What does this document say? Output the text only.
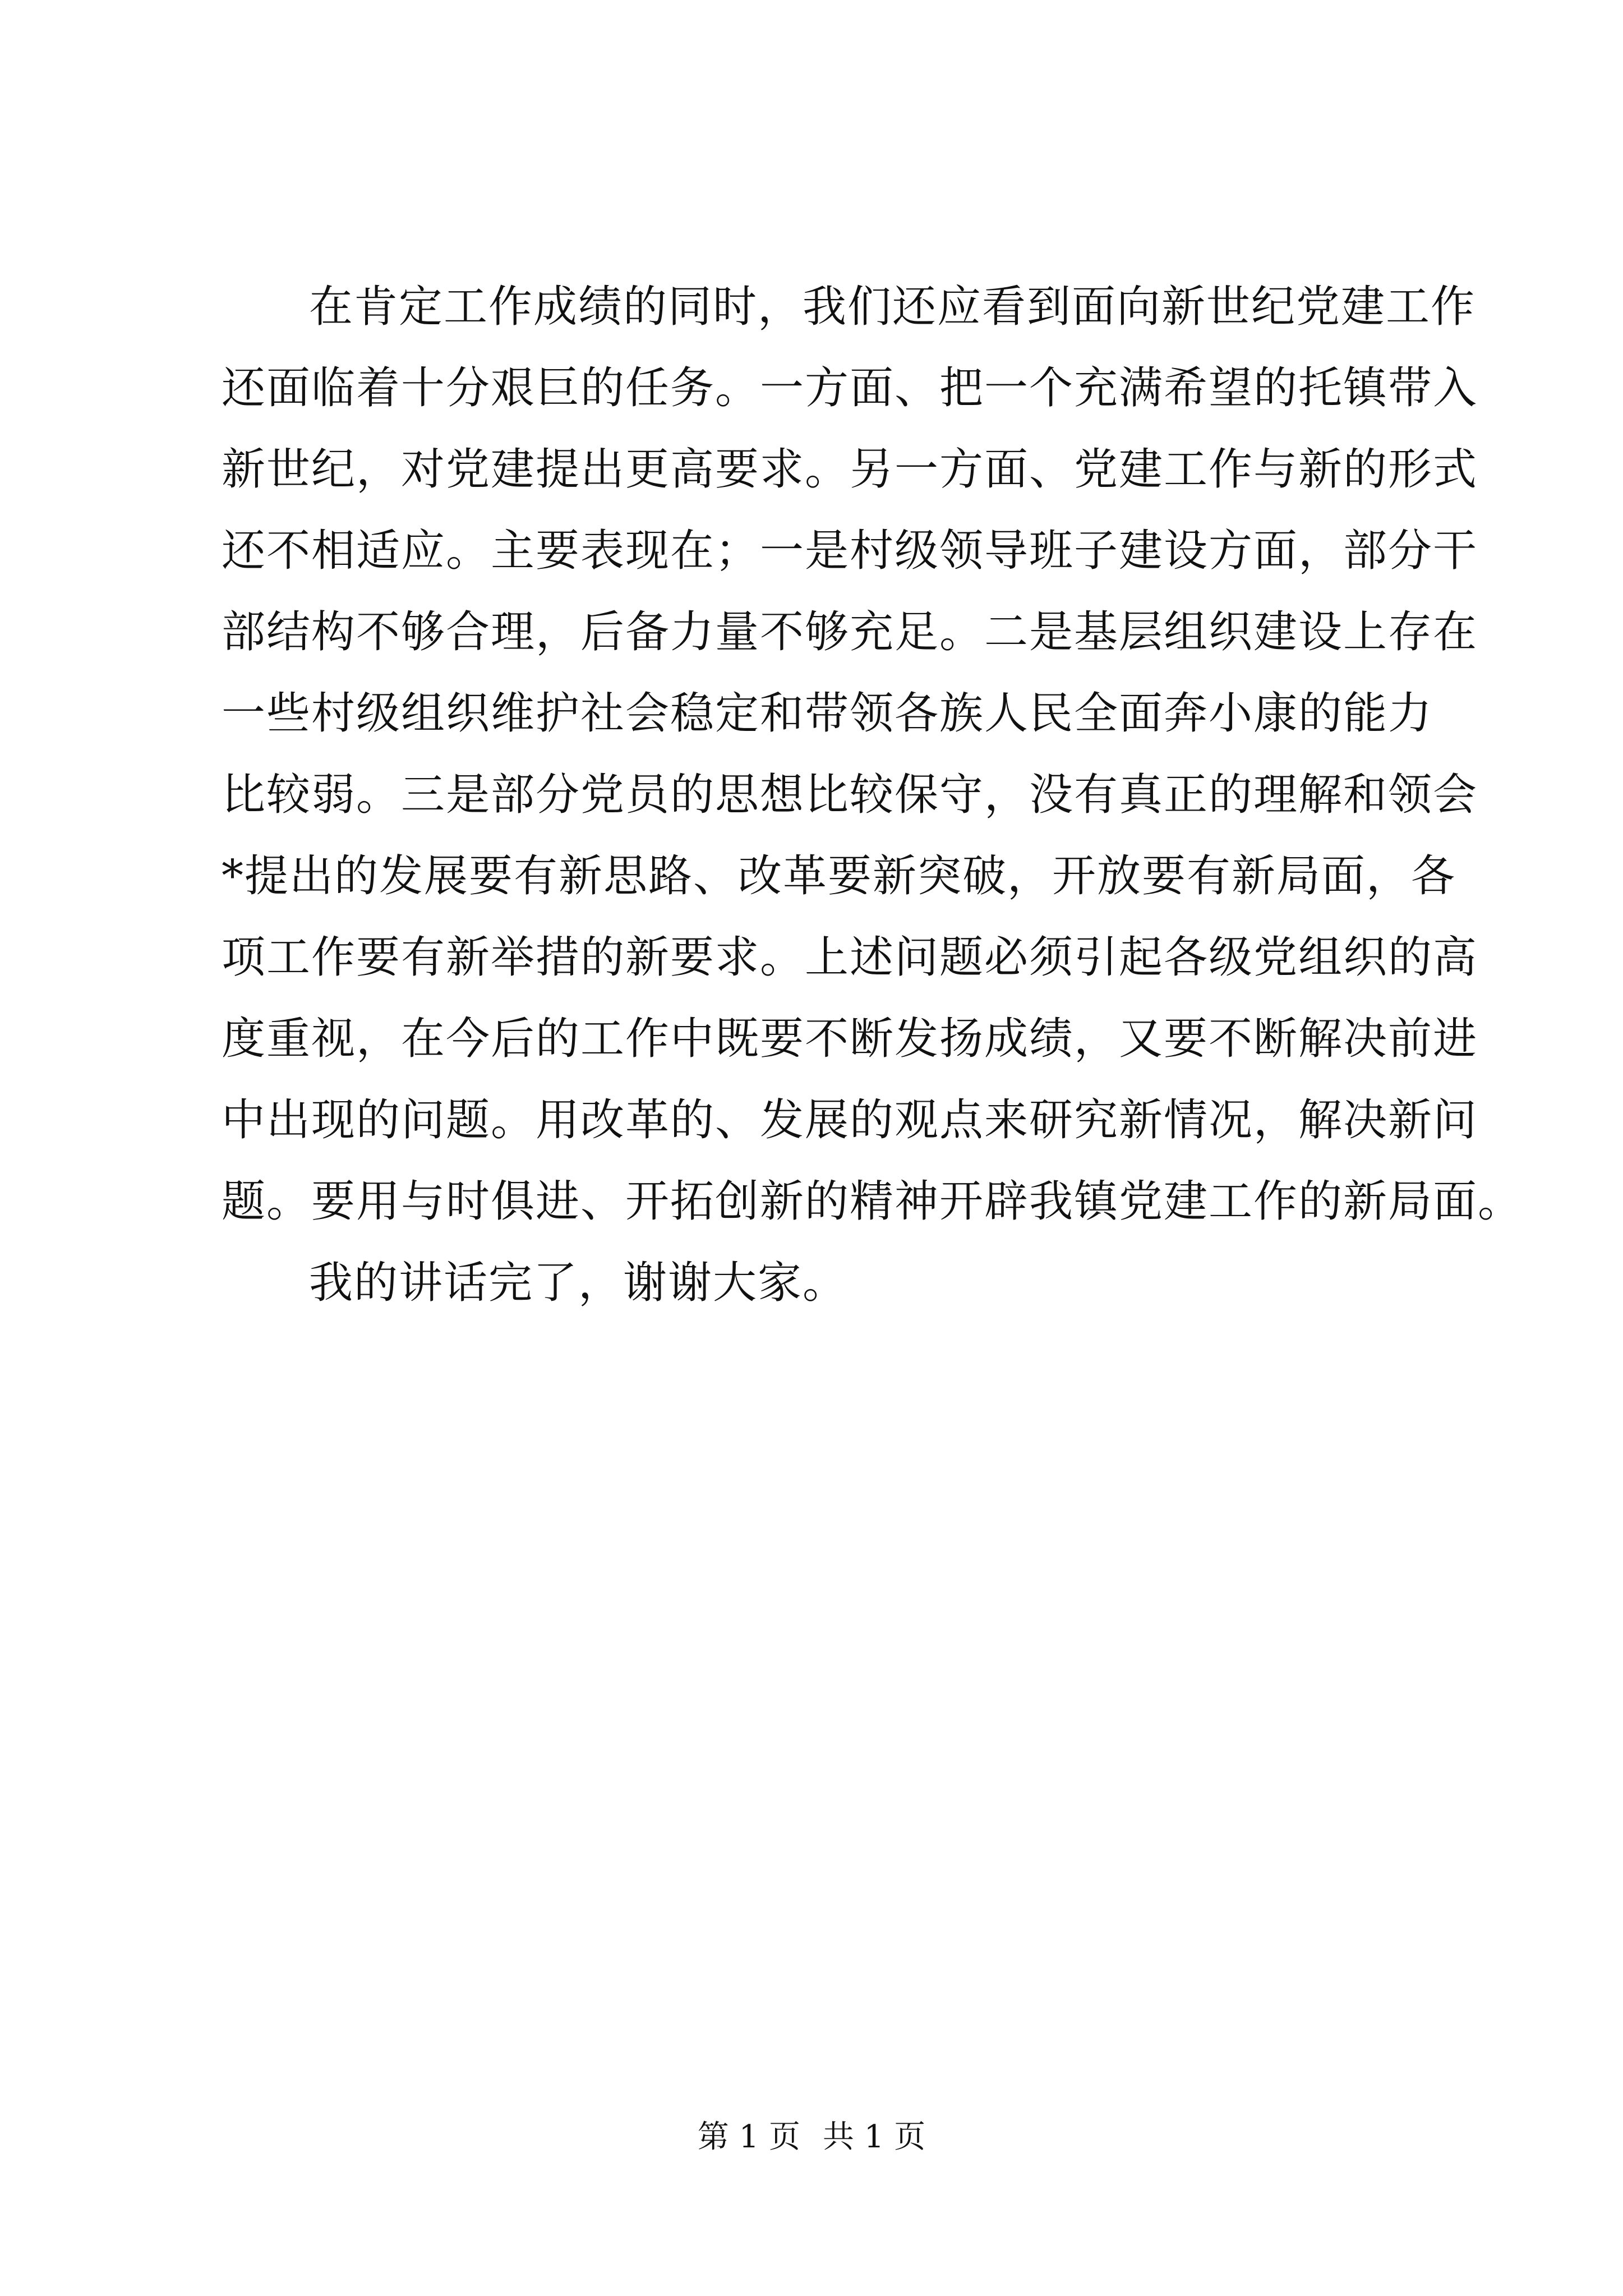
在肯定工作成绩的同时，我们还应看到面向新世纪党建工作
还面临着十分艰巨的任务。一方面、把一个充满希望的托镇带入
新世纪，对党建提出更高要求。另一方面、党建工作与新的形式
还不相适应。主要表现在；一是村级领导班子建设方面，部分干
部结构不够合理，后备力量不够充足。二是基层组织建设上存在
一些村级组织维护社会稳定和带领各族人民全面奔小康的能力
比较弱。三是部分党员的思想比较保守，没有真正的理解和领会
*提出的发展要有新思路、改革要新突破，开放要有新局面，各
项工作要有新举措的新要求。上述问题必须引起各级党组织的高
度重视，在今后的工作中既要不断发扬成绩，又要不断解决前进
中出现的问题。用改革的、发展的观点来研究新情况，解决新问
题。要用与时俱进、开拓创新的精神开辟我镇党建工作的新局面。
我的讲话完了，谢谢大家。
第 1 页 共 1 页
